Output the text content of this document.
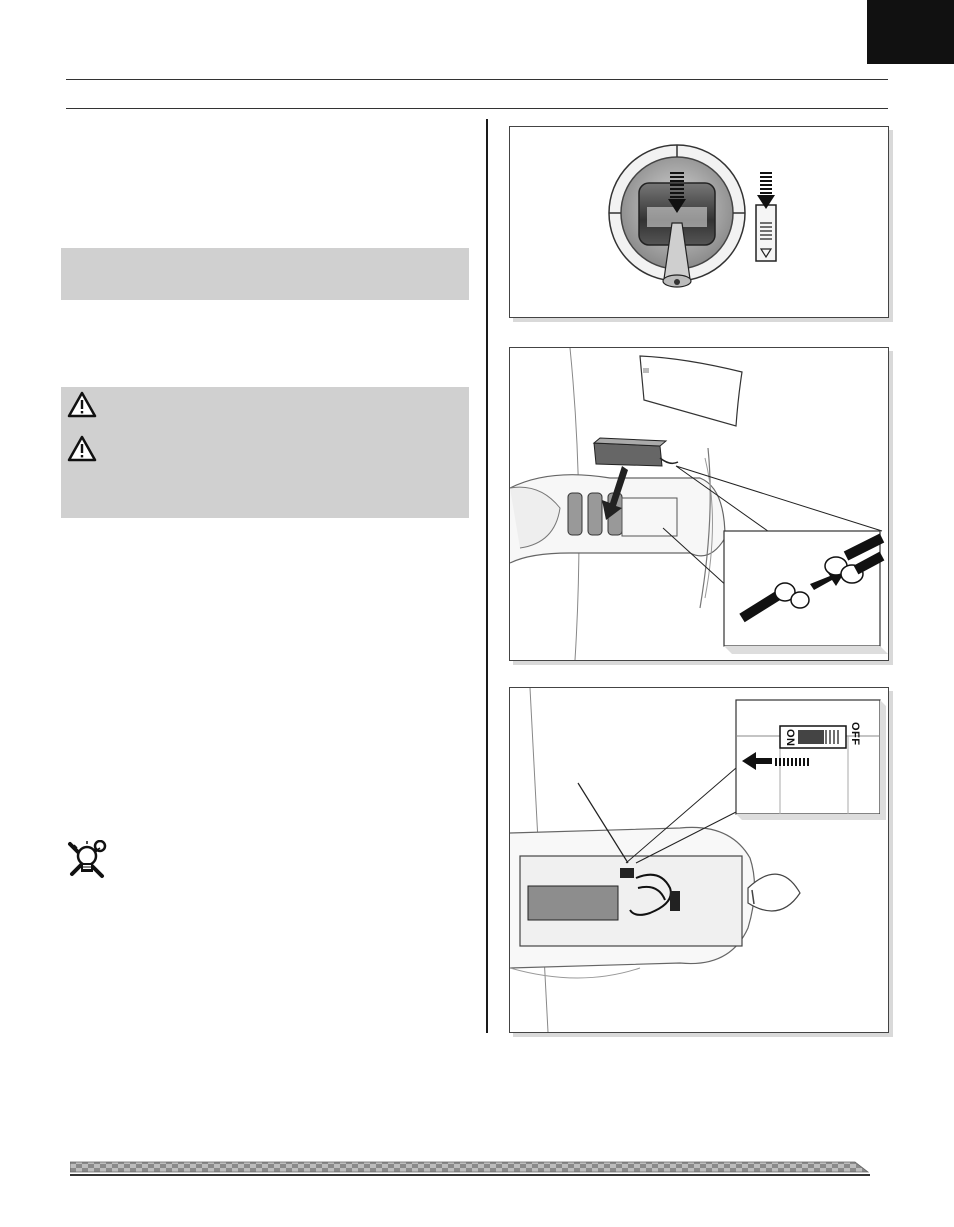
ON	OFF
